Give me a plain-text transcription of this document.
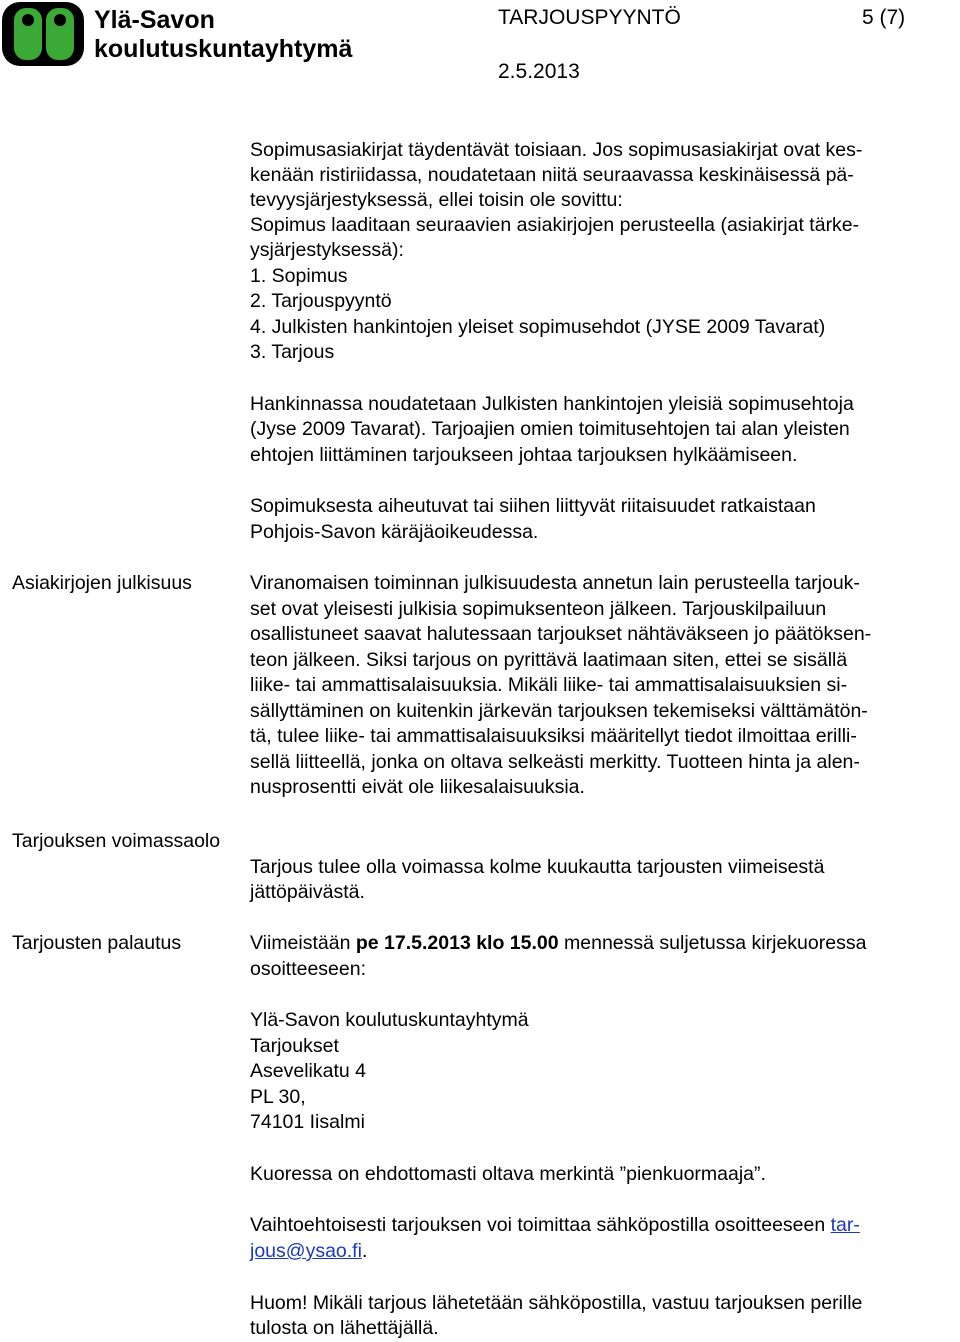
Ylä-Savon
koulutuskuntayhtymä
TARJOUSPYYNTÖ	5 (7)
2.5.2013
Sopimusasiakirjat täydentävät toisiaan. Jos sopimusasiakirjat ovat kes-
kenään ristiriidassa, noudatetaan niitä seuraavassa keskinäisessä pä-
tevyysjärjestyksessä, ellei toisin ole sovittu:
Sopimus laaditaan seuraavien asiakirjojen perusteella (asiakirjat tärke-
ysjärjestyksessä):
1. Sopimus
2. Tarjouspyyntö
4. Julkisten hankintojen yleiset sopimusehdot (JYSE 2009 Tavarat)
3. Tarjous
Hankinnassa noudatetaan Julkisten hankintojen yleisiä sopimusehtoja
(Jyse 2009 Tavarat). Tarjoajien omien toimitusehtojen tai alan yleisten
ehtojen liittäminen tarjoukseen johtaa tarjouksen hylkäämiseen.
Sopimuksesta aiheutuvat tai siihen liittyvät riitaisuudet ratkaistaan
Pohjois-Savon käräjäoikeudessa.
Asiakirjojen julkisuus	Viranomaisen toiminnan julkisuudesta annetun lain perusteella tarjouk-
set ovat yleisesti julkisia sopimuksenteon jälkeen. Tarjouskilpailuun
osallistuneet saavat halutessaan tarjoukset nähtäväkseen jo päätöksen-
teon jälkeen. Siksi tarjous on pyrittävä laatimaan siten, ettei se sisällä
liike- tai ammattisalaisuuksia. Mikäli liike- tai ammattisalaisuuksien si-
sällyttäminen on kuitenkin järkevän tarjouksen tekemiseksi välttämätön-
tä, tulee liike- tai ammattisalaisuuksiksi määritellyt tiedot ilmoittaa erilli-
sellä liitteellä, jonka on oltava selkeästi merkitty. Tuotteen hinta ja alen-
nusprosentti eivät ole liikesalaisuuksia.
Tarjouksen voimassaolo
Tarjous tulee olla voimassa kolme kuukautta tarjousten viimeisestä
jättöpäivästä.
Tarjousten palautus	Viimeistään pe 17.5.2013 klo 15.00 mennessä suljetussa kirjekuoressa
osoitteeseen:
Ylä-Savon koulutuskuntayhtymä
Tarjoukset
Asevelikatu 4
PL 30,
74101 Iisalmi
Kuoressa on ehdottomasti oltava merkintä ”pienkuormaaja”.
Vaihtoehtoisesti tarjouksen voi toimittaa sähköpostilla osoitteeseen tar-
jous@ysao.fi.
Huom! Mikäli tarjous lähetetään sähköpostilla, vastuu tarjouksen perille
tulosta on lähettäjällä.
